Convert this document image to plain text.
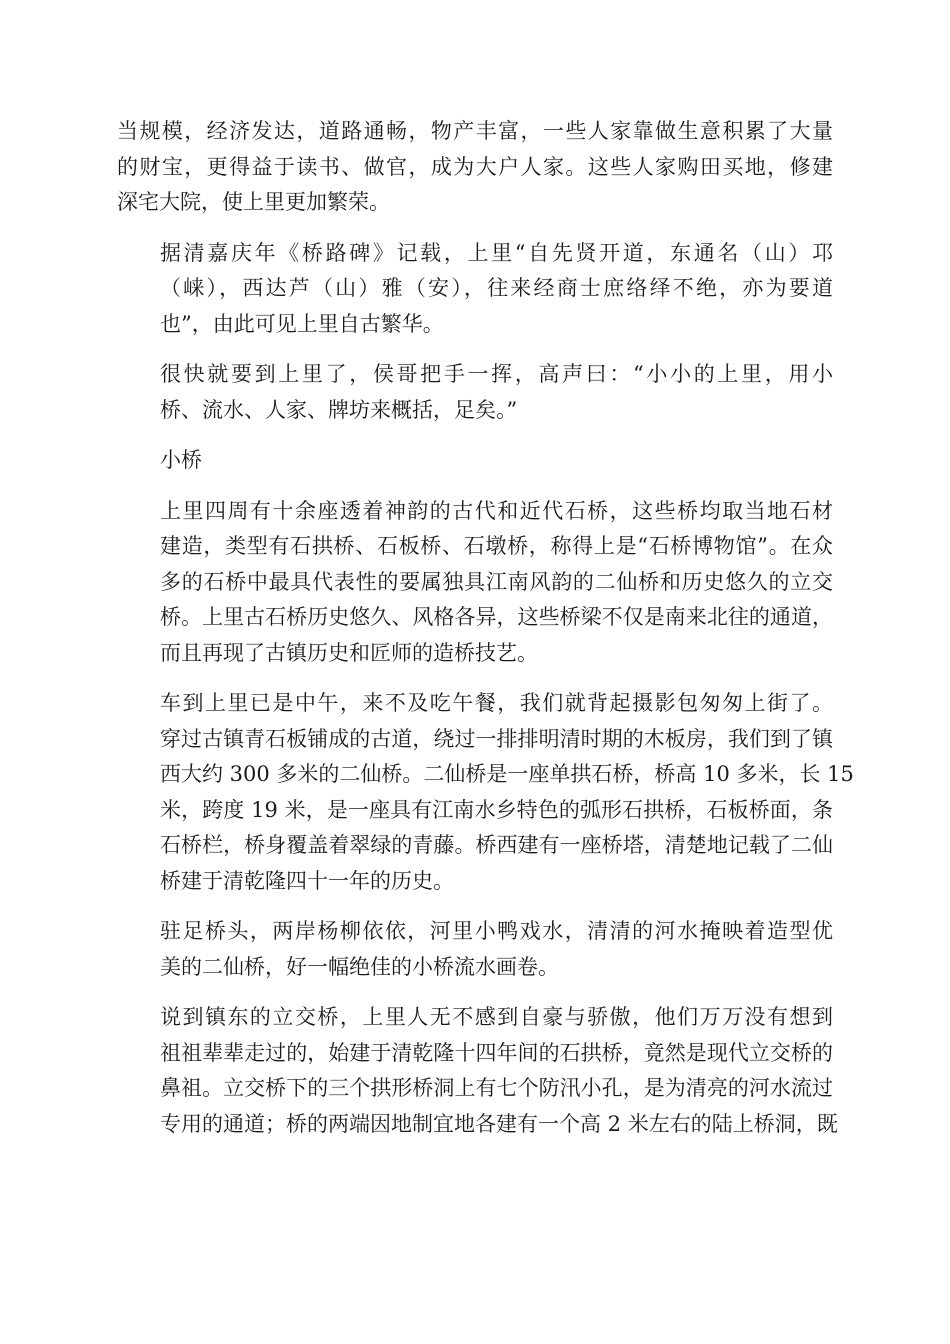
当规模，经济发达，道路通畅，物产丰富，一些人家靠做生意积累了大量
的财宝，更得益于读书、做官，成为大户人家。这些人家购田买地，修建
深宅大院，使上里更加繁荣。
据清嘉庆年《桥路碑》记载，上里“自先贤开道，东通名（山）邛
（崃），西达芦（山）雅（安），往来经商士庶络绎不绝，亦为要道
也”，由此可见上里自古繁华。
很快就要到上里了，侯哥把手一挥，高声曰：“小小的上里，用小
桥、流水、人家、牌坊来概括，足矣。”
小桥
上里四周有十余座透着神韵的古代和近代石桥，这些桥均取当地石材
建造，类型有石拱桥、石板桥、石墩桥，称得上是“石桥博物馆”。在众
多的石桥中最具代表性的要属独具江南风韵的二仙桥和历史悠久的立交
桥。上里古石桥历史悠久、风格各异，这些桥梁不仅是南来北往的通道，
而且再现了古镇历史和匠师的造桥技艺。
车到上里已是中午，来不及吃午餐，我们就背起摄影包匆匆上街了。
穿过古镇青石板铺成的古道，绕过一排排明清时期的木板房，我们到了镇
西大约 300 多米的二仙桥。二仙桥是一座单拱石桥，桥高 10 多米，长 15
米，跨度 19 米，是一座具有江南水乡特色的弧形石拱桥，石板桥面，条
石桥栏，桥身覆盖着翠绿的青藤。桥西建有一座桥塔，清楚地记载了二仙
桥建于清乾隆四十一年的历史。
驻足桥头，两岸杨柳依依，河里小鸭戏水，清清的河水掩映着造型优
美的二仙桥，好一幅绝佳的小桥流水画卷。
说到镇东的立交桥，上里人无不感到自豪与骄傲，他们万万没有想到
祖祖辈辈走过的，始建于清乾隆十四年间的石拱桥，竟然是现代立交桥的
鼻祖。立交桥下的三个拱形桥洞上有七个防汛小孔，是为清亮的河水流过
专用的通道；桥的两端因地制宜地各建有一个高 2 米左右的陆上桥洞，既
